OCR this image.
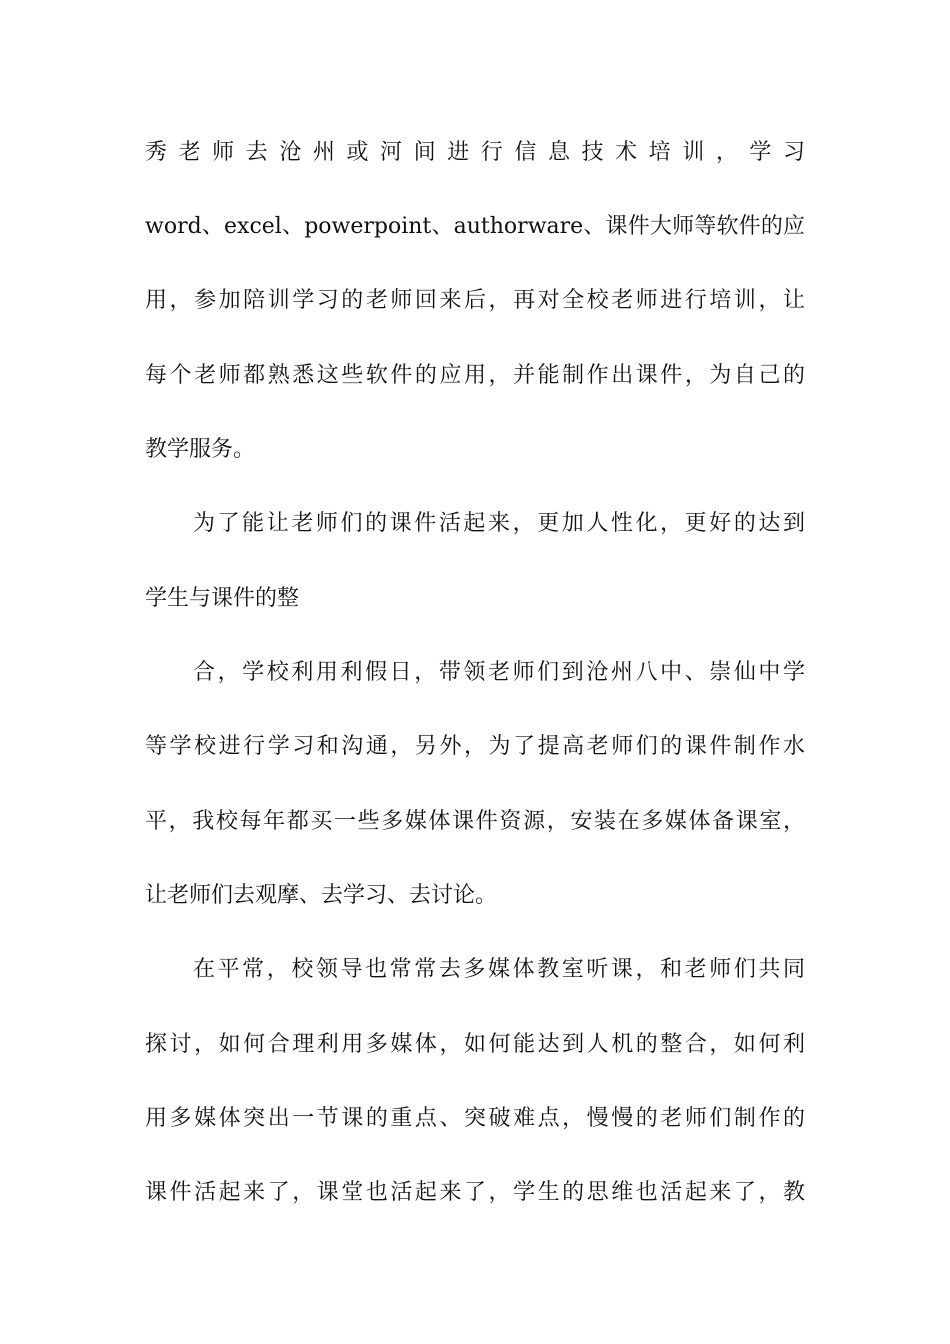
秀老师去沧州或河间进行信息技术培训，学习
word、excel、powerpoint、authorware、课件大师等软件的应
用，参加陪训学习的老师回来后，再对全校老师进行培训，让
每个老师都熟悉这些软件的应用，并能制作出课件，为自己的
教学服务。
为了能让老师们的课件活起来，更加人性化，更好的达到
学生与课件的整
合，学校利用利假日，带领老师们到沧州八中、崇仙中学
等学校进行学习和沟通，另外，为了提高老师们的课件制作水
平，我校每年都买一些多媒体课件资源，安装在多媒体备课室，
让老师们去观摩、去学习、去讨论。
在平常，校领导也常常去多媒体教室听课，和老师们共同
探讨，如何合理利用多媒体，如何能达到人机的整合，如何利
用多媒体突出一节课的重点、突破难点，慢慢的老师们制作的
课件活起来了，课堂也活起来了，学生的思维也活起来了，教
